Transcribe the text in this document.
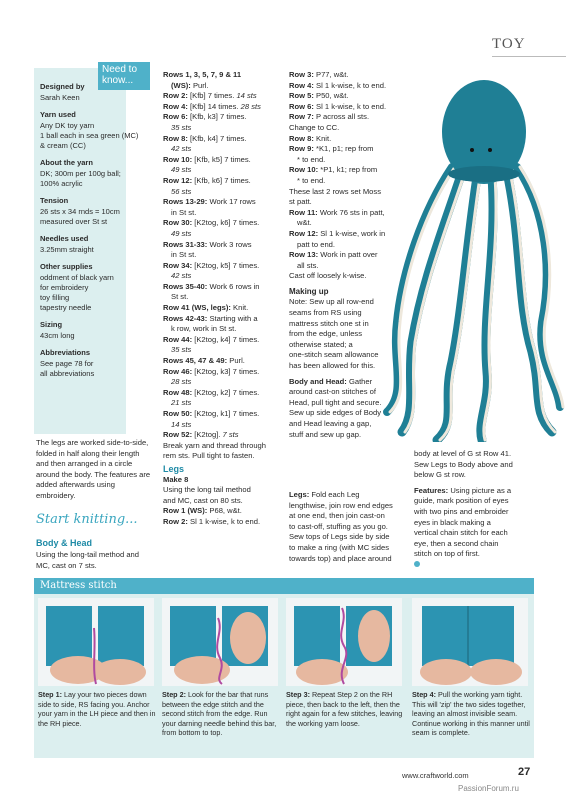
TOY
Designed by
Sarah Keen
Yarn used
Any DK toy yarn
1 ball each in sea green (MC)
& cream (CC)
About the yarn
DK; 300m per 100g ball;
100% acrylic
Tension
26 sts x 34 rnds = 10cm
measured over St st
Needles used
3.25mm straight
Other supplies
oddment of black yarn
for embroidery
toy filling
tapestry needle
Sizing
43cm long
Abbreviations
See page 78 for
all abbreviations
Need to know...
The legs are worked side-to-side, folded in half along their length and then arranged in a circle around the body. The features are added afterwards using embroidery.
Start knitting...
Body & Head
Using the long-tail method and MC, cast on 7 sts.
Rows 1, 3, 5, 7, 9 & 11
(WS): Purl.
Row 2: [Kfb] 7 times. 14 sts
Row 4: [Kfb] 14 times. 28 sts
Row 6: [Kfb, k3] 7 times.
35 sts
Row 8: [Kfb, k4] 7 times.
42 sts
Row 10: [Kfb, k5] 7 times.
49 sts
Row 12: [Kfb, k6] 7 times.
56 sts
Rows 13-29: Work 17 rows
in St st.
Row 30: [K2tog, k6] 7 times.
49 sts
Rows 31-33: Work 3 rows
in St st.
Row 34: [K2tog, k5] 7 times.
42 sts
Rows 35-40: Work 6 rows in
St st.
Row 41 (WS, legs): Knit.
Rows 42-43: Starting with a
k row, work in St st.
Row 44: [K2tog, k4] 7 times.
35 sts
Rows 45, 47 & 49: Purl.
Row 46: [K2tog, k3] 7 times.
28 sts
Row 48: [K2tog, k2] 7 times.
21 sts
Row 50: [K2tog, k1] 7 times.
14 sts
Row 52: [K2tog]. 7 sts
Break yarn and thread through
rem sts. Pull tight to fasten.
Legs
Make 8
Using the long tail method
and MC, cast on 80 sts.
Row 1 (WS): P68, w&t.
Row 2: Sl 1 k-wise, k to end.
Row 3: P77, w&t.
Row 4: Sl 1 k-wise, k to end.
Row 5: P50, w&t.
Row 6: Sl 1 k-wise, k to end.
Row 7: P across all sts.
Change to CC.
Row 8: Knit.
Row 9: *K1, p1; rep from
* to end.
Row 10: *P1, k1; rep from
* to end.
These last 2 rows set Moss
st patt.
Row 11: Work 76 sts in patt,
w&t.
Row 12: Sl 1 k-wise, work in
patt to end.
Row 13: Work in patt over
all sts.
Cast off loosely k-wise.
Making up
Note: Sew up all row-end
seams from RS using
mattress stitch one st in
from the edge, unless
otherwise stated; a
one-stitch seam allowance
has been allowed for this.
Body and Head: Gather
around cast-on stitches of
Head, pull tight and secure.
Sew up side edges of Body
and Head leaving a gap,
stuff and sew up gap.
Legs: Fold each Leg
lengthwise, join row end edges
at one end, then join cast-on
to cast-off, stuffing as you go.
Sew tops of Legs side by side
to make a ring (with MC sides
towards top) and place around
body at level of G st Row 41.
Sew Legs to Body above and
below G st row.
Features: Using picture as a
guide, mark position of eyes
with two pins and embroider
eyes in black making a
vertical chain stitch for each
eye, then a second chain
stitch on top of first.
Mattress stitch
Step 1: Lay your two pieces down side to side, RS facing you. Anchor your yarn in the LH piece and then in the RH piece.
Step 2: Look for the bar that runs between the edge stitch and the second stitch from the edge. Run your darning needle behind this bar, from bottom to top.
Step 3: Repeat Step 2 on the RH piece, then back to the left, then the right again for a few stitches, leaving the working yarn loose.
Step 4: Pull the working yarn tight. This will 'zip' the two sides together, leaving an almost invisible seam. Continue working in this manner until seam is complete.
www.craftworld.com	27
PassionForum.ru
